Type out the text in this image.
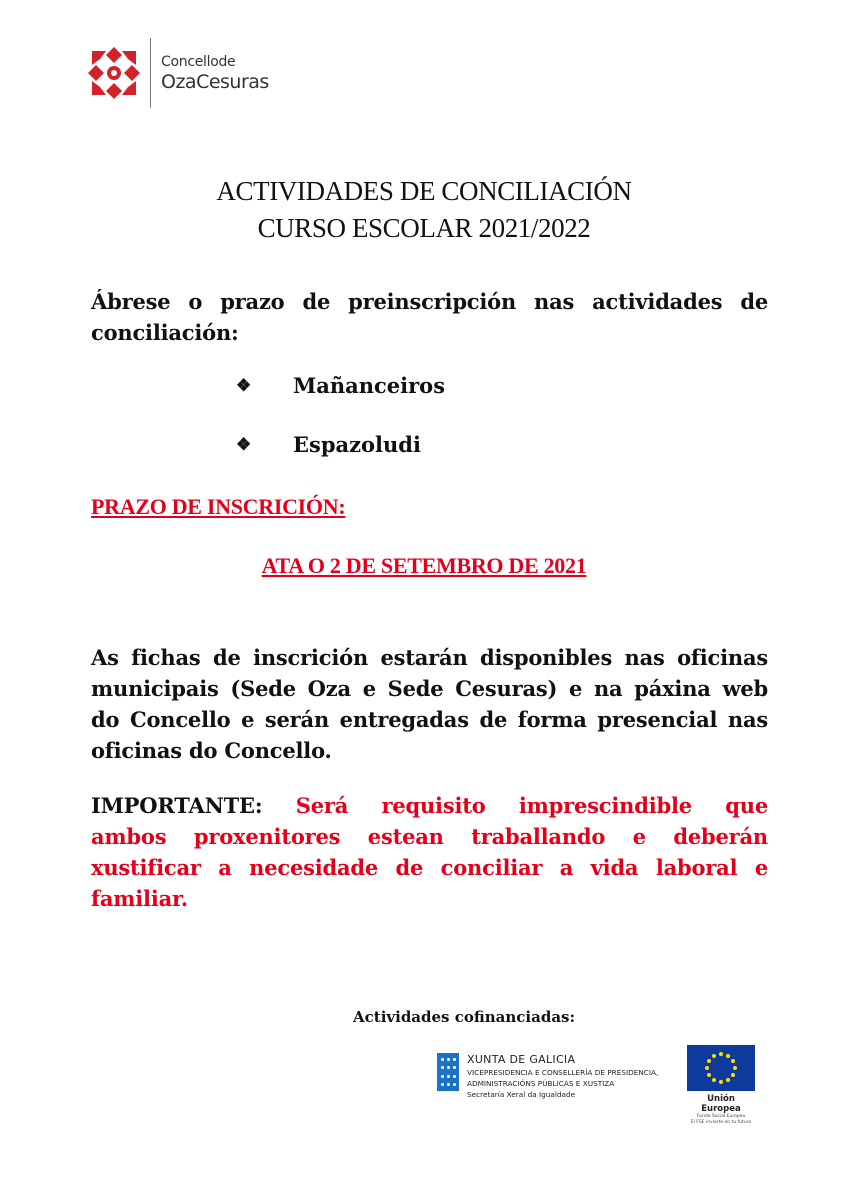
Concellode
OzaCesuras
ACTIVIDADES DE CONCILIACIÓN
CURSO ESCOLAR 2021/2022
Ábrese o prazo de preinscripción nas actividades de
conciliación:
❖	Mañanceiros
❖	Espazoludi
PRAZO DE INSCRICIÓN:
ATA O 2 DE SETEMBRO DE 2021
As fichas de inscrición estarán disponibles nas oficinas
municipais (Sede Oza e Sede Cesuras) e na páxina web
do Concello e serán entregadas de forma presencial nas
oficinas do Concello.
IMPORTANTE: Será requisito imprescindible que
ambos proxenitores estean traballando e deberán
xustificar a necesidade de conciliar a vida laboral e
familiar.
Actividades cofinanciadas:
XUNTA DE GALICIA
VICEPRESIDENCIA E CONSELLERÍA DE PRESIDENCIA,
ADMINISTRACIÓNS PÚBLICAS E XUSTIZA
Secretaría Xeral da Igualdade	Unión Europea
Fondo Social Europeo
El FSE invierte en tu futuro
